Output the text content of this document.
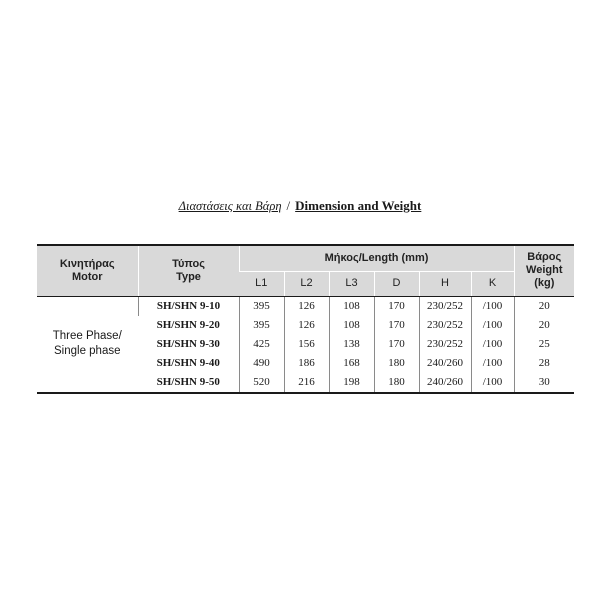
Διαστάσεις και Βάρη / Dimension and Weight
Κινητήρας
Motor	Τύπος
Type	Μήκος/Length (mm)						Βάρος
Weight
(kg)

		L1	L2	L3	D	H	K	

Three Phase/
Single phase	SH/SHN 9-10	395	126	108	170	230/252	/100	20
	SH/SHN 9-20	395	126	108	170	230/252	/100	20
	SH/SHN 9-30	425	156	138	170	230/252	/100	25
	SH/SHN 9-40	490	186	168	180	240/260	/100	28
	SH/SHN 9-50	520	216	198	180	240/260	/100	30
